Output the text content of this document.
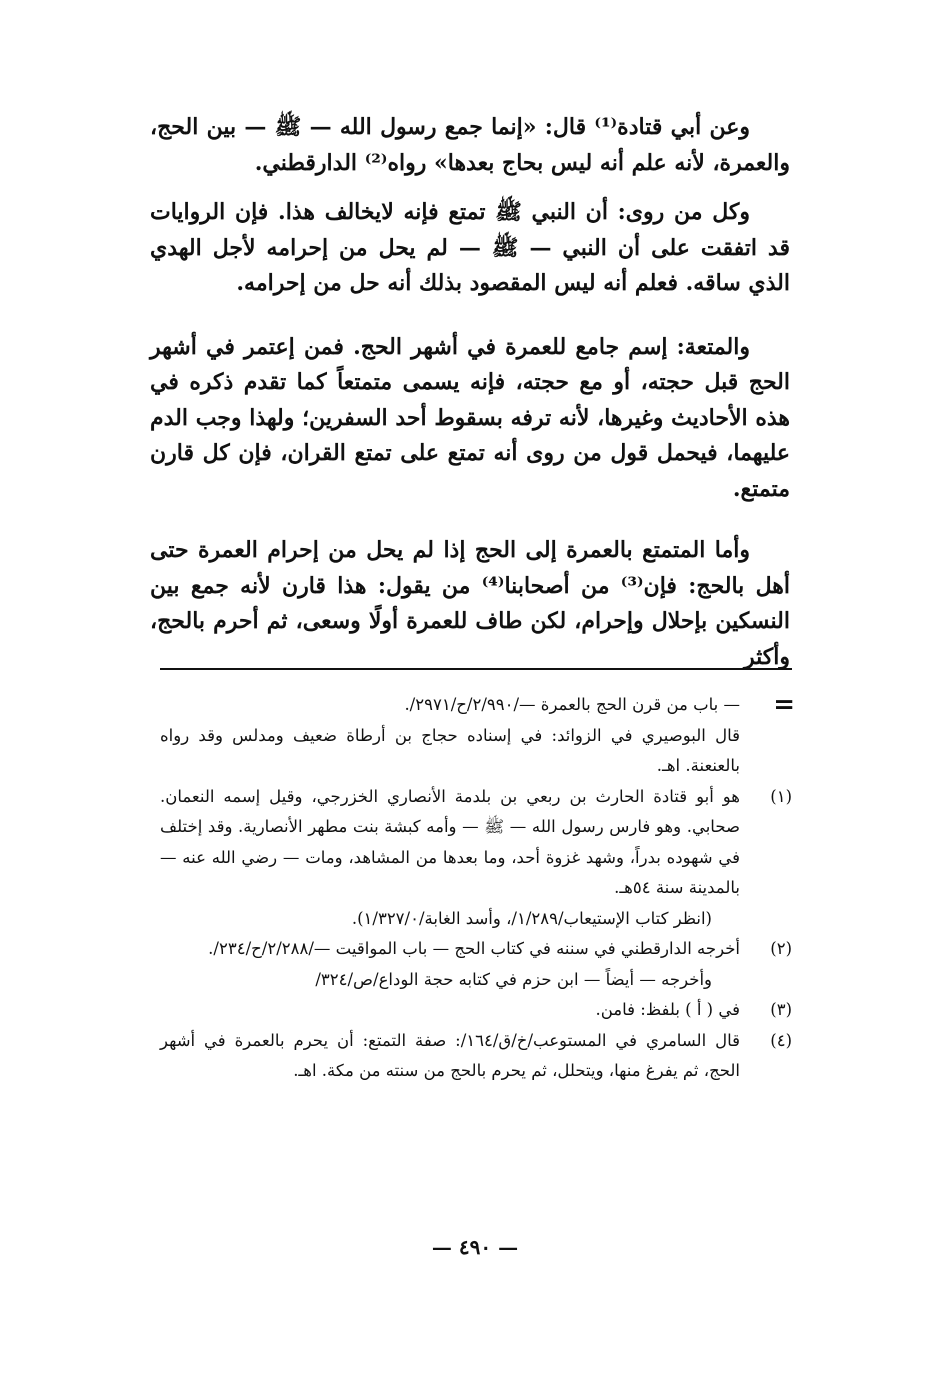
وعن أبي قتادة⁽¹⁾ قال: «إنما جمع رسول الله — ﷺ — بين الحج، والعمرة، لأنه علم أنه ليس بحاج بعدها» رواه⁽²⁾ الدارقطني.

وكل من روى: أن النبي ﷺ تمتع فإنه لايخالف هذا. فإن الروايات قد اتفقت على أن النبي — ﷺ — لم يحل من إحرامه لأجل الهدي الذي ساقه. فعلم أنه ليس المقصود بذلك أنه حل من إحرامه.

والمتعة: إسم جامع للعمرة في أشهر الحج. فمن إعتمر في أشهر الحج قبل حجته، أو مع حجته، فإنه يسمى متمتعاً كما تقدم ذكره في هذه الأحاديث وغيرها، لأنه ترفه بسقوط أحد السفرين؛ ولهذا وجب الدم عليهما، فيحمل قول من روى أنه تمتع على تمتع القران، فإن كل قارن متمتع.

وأما المتمتع بالعمرة إلى الحج إذا لم يحل من إحرام العمرة حتى أهل بالحج: فإن⁽³⁾ من أصحابنا⁽⁴⁾ من يقول: هذا قارن لأنه جمع بين النسكين بإحلال وإحرام، لكن طاف للعمرة أولًا وسعى، ثم أحرم بالحج، وأكثر

=
— باب من قرن الحج بالعمرة —/٢/٩٩٠/ح/٢٩٧١/.
قال البوصيري في الزوائد: في إسناده حجاج بن أرطاة ضعيف ومدلس وقد رواه بالعنعنة. اهـ.
(١)
هو أبو قتادة الحارث بن ربعي بن بلدمة الأنصاري الخزرجي، وقيل إسمه النعمان. صحابي. وهو فارس رسول الله — ﷺ — وأمه كبشة بنت مطهر الأنصارية. وقد إختلف في شهوده بدراً، وشهد غزوة أحد، وما بعدها من المشاهد، ومات — رضي الله عنه — بالمدينة سنة ٥٤هـ.
(انظر كتاب الإستيعاب/١/٢٨٩/، وأسد الغابة/١/٣٢٧/٠).
(٢)
أخرجه الدارقطني في سننه في كتاب الحج — باب المواقيت —/٢/٢٨٨/ح/٢٣٤/.
وأخرجه — أيضاً — ابن حزم في كتابه حجة الوداع/ص/٣٢٤/
(٣)
في ( أ ) بلفظ: فامن.
(٤)
قال السامري في المستوعب/خ/ق/١٦٤/: صفة التمتع: أن يحرم بالعمرة في أشهر الحج، ثم يفرغ منها، ويتحلل، ثم يحرم بالحج من سنته من مكة. اهـ.
— ٤٩٠ —
